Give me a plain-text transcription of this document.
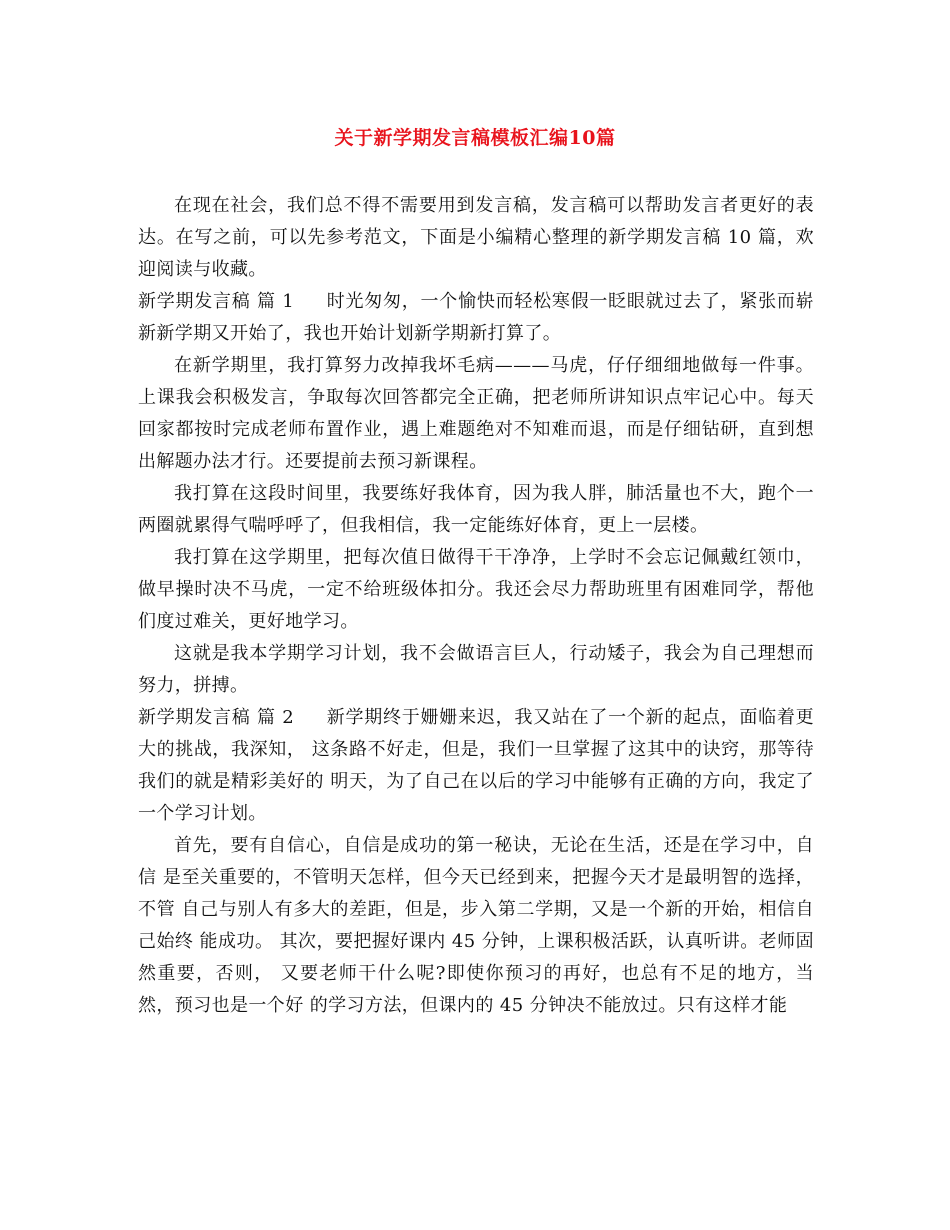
关于新学期发言稿模板汇编10篇

在现在社会，我们总不得不需要用到发言稿，发言稿可以帮助发言者更好的表达。在写之前，可以先参考范文，下面是小编精心整理的新学期发言稿 10 篇，欢迎阅读与收藏。

新学期发言稿 篇 1 时光匆匆，一个愉快而轻松寒假一眨眼就过去了，紧张而崭新新学期又开始了，我也开始计划新学期新打算了。

在新学期里，我打算努力改掉我坏毛病———马虎，仔仔细细地做每一件事。上课我会积极发言，争取每次回答都完全正确，把老师所讲知识点牢记心中。每天回家都按时完成老师布置作业，遇上难题绝对不知难而退，而是仔细钻研，直到想出解题办法才行。还要提前去预习新课程。

我打算在这段时间里，我要练好我体育，因为我人胖，肺活量也不大，跑个一两圈就累得气喘呼呼了，但我相信，我一定能练好体育，更上一层楼。

我打算在这学期里，把每次值日做得干干净净，上学时不会忘记佩戴红领巾，做早操时决不马虎，一定不给班级体扣分。我还会尽力帮助班里有困难同学，帮他们度过难关，更好地学习。

这就是我本学期学习计划，我不会做语言巨人，行动矮子，我会为自己理想而努力，拼搏。

新学期发言稿 篇 2 新学期终于姗姗来迟，我又站在了一个新的起点，面临着更大的挑战，我深知， 这条路不好走，但是，我们一旦掌握了这其中的诀窍，那等待我们的就是精彩美好的 明天，为了自己在以后的学习中能够有正确的方向，我定了一个学习计划。

首先，要有自信心，自信是成功的第一秘诀，无论在生活，还是在学习中，自信 是至关重要的，不管明天怎样，但今天已经到来，把握今天才是最明智的选择，不管 自己与别人有多大的差距，但是，步入第二学期，又是一个新的开始，相信自己始终 能成功。 其次，要把握好课内 45 分钟，上课积极活跃，认真听讲。老师固然重要，否则， 又要老师干什么呢?即使你预习的再好，也总有不足的地方，当然，预习也是一个好 的学习方法，但课内的 45 分钟决不能放过。只有这样才能
